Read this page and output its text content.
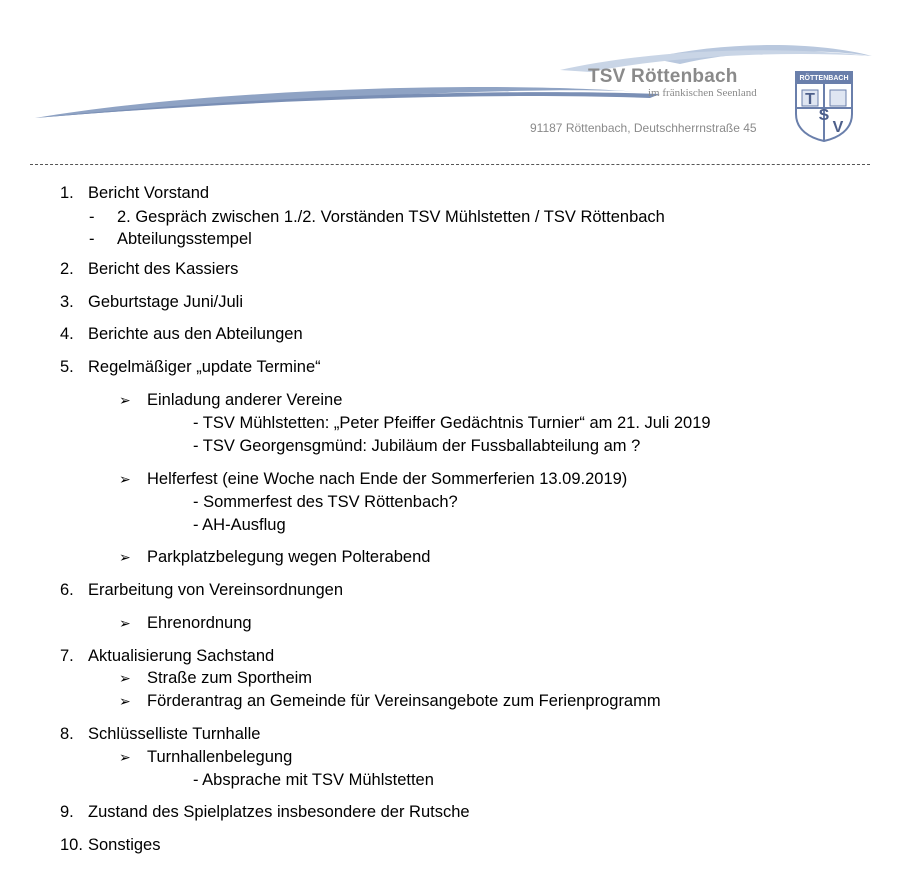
TSV Röttenbach
im fränkischen Seenland
91187 Röttenbach, Deutschherrnstraße 45
RÖTTENBACH
T
S
V
1. Bericht Vorstand
- 2. Gespräch zwischen 1./2. Vorständen TSV Mühlstetten / TSV Röttenbach
- Abteilungsstempel
2. Bericht des Kassiers
3. Geburtstage Juni/Juli
4. Berichte aus den Abteilungen
5. Regelmäßiger „update Termine“
➢ Einladung anderer Vereine
- TSV Mühlstetten: „Peter Pfeiffer Gedächtnis Turnier“ am 21. Juli 2019
- TSV Georgensgmünd: Jubiläum der Fussballabteilung am ?
➢ Helferfest (eine Woche nach Ende der Sommerferien 13.09.2019)
- Sommerfest des TSV Röttenbach?
- AH-Ausflug
➢ Parkplatzbelegung wegen Polterabend
6. Erarbeitung von Vereinsordnungen
➢ Ehrenordnung
7. Aktualisierung Sachstand
➢ Straße zum Sportheim
➢ Förderantrag an Gemeinde für Vereinsangebote zum Ferienprogramm
8. Schlüsselliste Turnhalle
➢ Turnhallenbelegung
- Absprache mit TSV Mühlstetten
9. Zustand des Spielplatzes insbesondere der Rutsche
10. Sonstiges
